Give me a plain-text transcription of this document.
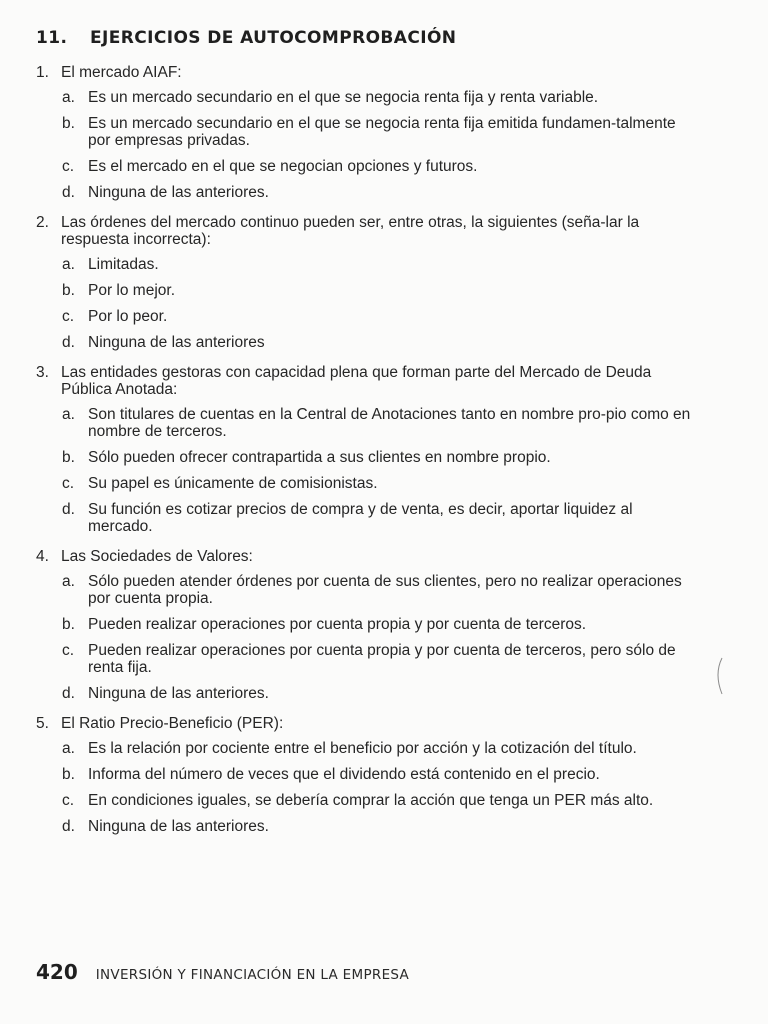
11. EJERCICIOS DE AUTOCOMPROBACIÓN
1. El mercado AIAF:
a. Es un mercado secundario en el que se negocia renta fija y renta variable.
b. Es un mercado secundario en el que se negocia renta fija emitida fundamen-talmente por empresas privadas.
c. Es el mercado en el que se negocian opciones y futuros.
d. Ninguna de las anteriores.
2. Las órdenes del mercado continuo pueden ser, entre otras, la siguientes (seña-lar la respuesta incorrecta):
a. Limitadas.
b. Por lo mejor.
c. Por lo peor.
d. Ninguna de las anteriores
3. Las entidades gestoras con capacidad plena que forman parte del Mercado de Deuda Pública Anotada:
a. Son titulares de cuentas en la Central de Anotaciones tanto en nombre pro-pio como en nombre de terceros.
b. Sólo pueden ofrecer contrapartida a sus clientes en nombre propio.
c. Su papel es únicamente de comisionistas.
d. Su función es cotizar precios de compra y de venta, es decir, aportar liquidez al mercado.
4. Las Sociedades de Valores:
a. Sólo pueden atender órdenes por cuenta de sus clientes, pero no realizar operaciones por cuenta propia.
b. Pueden realizar operaciones por cuenta propia y por cuenta de terceros.
c. Pueden realizar operaciones por cuenta propia y por cuenta de terceros, pero sólo de renta fija.
d. Ninguna de las anteriores.
5. El Ratio Precio-Beneficio (PER):
a. Es la relación por cociente entre el beneficio por acción y la cotización del título.
b. Informa del número de veces que el dividendo está contenido en el precio.
c. En condiciones iguales, se debería comprar la acción que tenga un PER más alto.
d. Ninguna de las anteriores.
420 INVERSIÓN Y FINANCIACIÓN EN LA EMPRESA
